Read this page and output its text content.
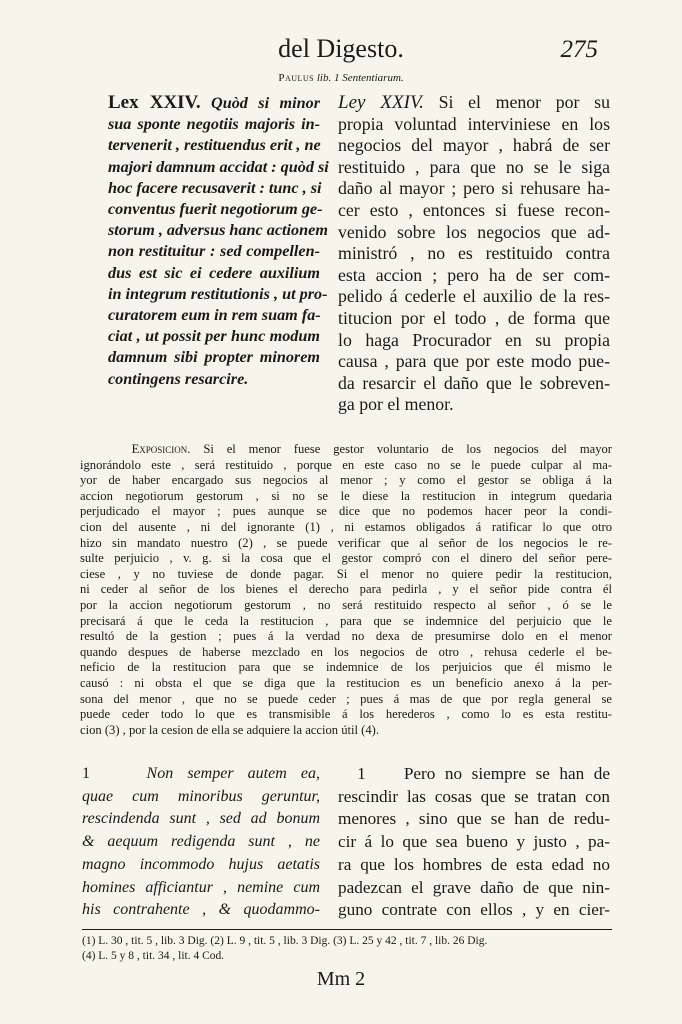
del Digesto.	275
Paulus lib. 1 Sententiarum.
Lex XXIV. Quòd si minor
sua sponte negotiis majoris in-
tervenerit , restituendus erit , ne
majori damnum accidat : quòd si
hoc facere recusaverit : tunc , si
conventus fuerit negotiorum ge-
storum , adversus hanc actionem
non restituitur : sed compellen-
dus est sic ei cedere auxilium
in integrum restitutionis , ut pro-
curatorem eum in rem suam fa-
ciat , ut possit per hunc modum
damnum sibi propter minorem
contingens resarcire.
Ley XXIV. Si el menor por su
propia voluntad interviniese en los
negocios del mayor , habrá de ser
restituido , para que no se le siga
daño al mayor ; pero si rehusare ha-
cer esto , entonces si fuese recon-
venido sobre los negocios que ad-
ministró , no es restituido contra
esta accion ; pero ha de ser com-
pelido á cederle el auxilio de la res-
titucion por el todo , de forma que
lo haga Procurador en su propia
causa , para que por este modo pue-
da resarcir el daño que le sobreven-
ga por el menor.
Exposicion. Si el menor fuese gestor voluntario de los negocios del mayor
ignorándolo este , será restituido , porque en este caso no se le puede culpar al ma-
yor de haber encargado sus negocios al menor ; y como el gestor se obliga á la
accion negotiorum gestorum , si no se le diese la restitucion in integrum quedaria
perjudicado el mayor ; pues aunque se dice que no podemos hacer peor la condi-
cion del ausente , ni del ignorante (1) , ni estamos obligados á ratificar lo que otro
hizo sin mandato nuestro (2) , se puede verificar que al señor de los negocios le re-
sulte perjuicio , v. g. si la cosa que el gestor compró con el dinero del señor pere-
ciese , y no tuviese de donde pagar. Si el menor no quiere pedir la restitucion,
ni ceder al señor de los bienes el derecho para pedirla , y el señor pide contra él
por la accion negotiorum gestorum , no será restituido respecto al señor , ó se le
precisará á que le ceda la restitucion , para que se indemnice del perjuicio que le
resultó de la gestion ; pues á la verdad no dexa de presumirse dolo en el menor
quando despues de haberse mezclado en los negocios de otro , rehusa cederle el be-
neficio de la restitucion para que se indemnice de los perjuicios que él mismo le
causó : ni obsta el que se diga que la restitucion es un beneficio anexo á la per-
sona del menor , que no se puede ceder ; pues á mas de que por regla general se
puede ceder todo lo que es transmisible á los herederos , como lo es esta restitu-
cion (3) , por la cesion de ella se adquiere la accion útil (4).
1	Non semper autem ea,
quae cum minoribus geruntur,
rescindenda sunt , sed ad bonum
& aequum redigenda sunt , ne
magno incommodo hujus aetatis
homines afficiantur , nemine cum
his contrahente , & quodammo-
1 Pero no siempre se han de
rescindir las cosas que se tratan con
menores , sino que se han de redu-
cir á lo que sea bueno y justo , pa-
ra que los hombres de esta edad no
padezcan el grave daño de que nin-
guno contrate con ellos , y en cier-
(1) L. 30 , tit. 5 , lib. 3 Dig. (2) L. 9 , tit. 5 , lib. 3 Dig. (3) L. 25 y 42 , tit. 7 , lib. 26 Dig.
(4) L. 5 y 8 , tit. 34 , lit. 4 Cod.
Mm 2
